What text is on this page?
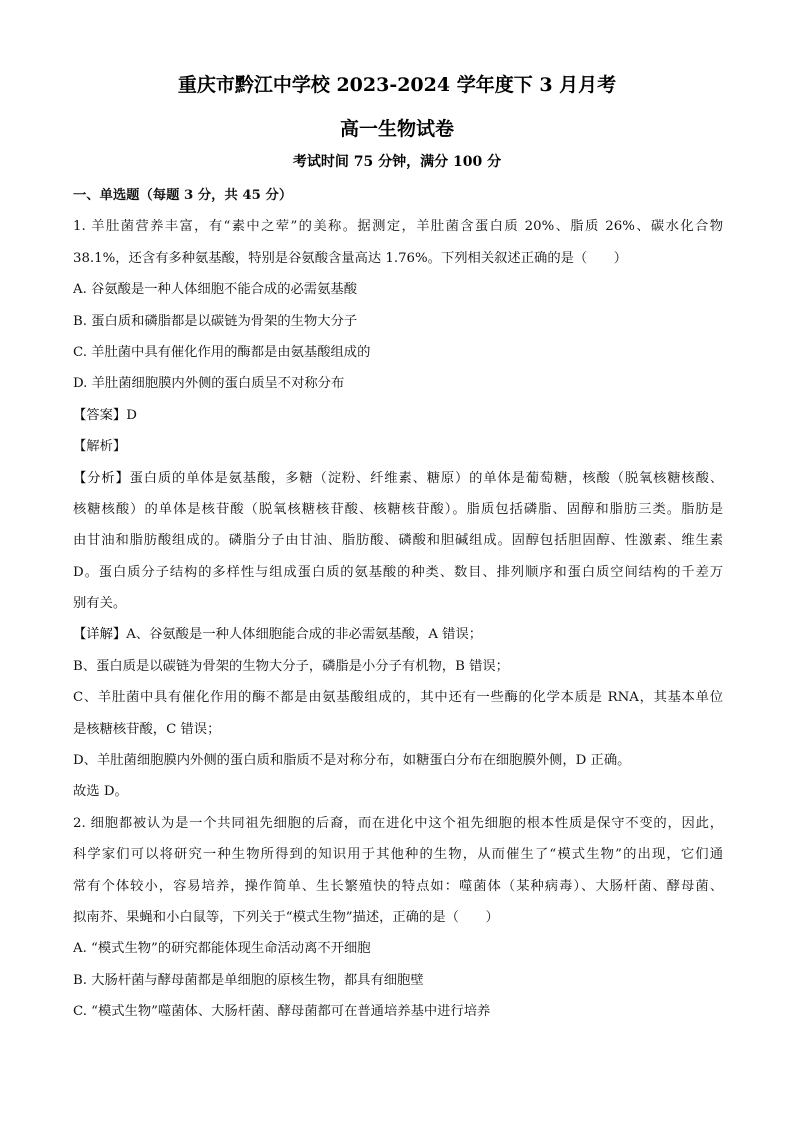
重庆市黔江中学校 2023-2024 学年度下 3 月月考
高一生物试卷
考试时间 75 分钟，满分 100 分
一、单选题（每题 3 分，共 45 分）
1. 羊肚菌营养丰富，有“素中之荤”的美称。据测定，羊肚菌含蛋白质 20%、脂质 26%、碳水化合物
38.1%，还含有多种氨基酸，特别是谷氨酸含量高达 1.76%。下列相关叙述正确的是（　　）
A. 谷氨酸是一种人体细胞不能合成的必需氨基酸
B. 蛋白质和磷脂都是以碳链为骨架的生物大分子
C. 羊肚菌中具有催化作用的酶都是由氨基酸组成的
D. 羊肚菌细胞膜内外侧的蛋白质呈不对称分布
【答案】D
【解析】
【分析】蛋白质的单体是氨基酸，多糖（淀粉、纤维素、糖原）的单体是葡萄糖，核酸（脱氧核糖核酸、
核糖核酸）的单体是核苷酸（脱氧核糖核苷酸、核糖核苷酸）。脂质包括磷脂、固醇和脂肪三类。脂肪是
由甘油和脂肪酸组成的。磷脂分子由甘油、脂肪酸、磷酸和胆碱组成。固醇包括胆固醇、性激素、维生素
D。蛋白质分子结构的多样性与组成蛋白质的氨基酸的种类、数目、排列顺序和蛋白质空间结构的千差万
别有关。
【详解】A、谷氨酸是一种人体细胞能合成的非必需氨基酸，A 错误；
B、蛋白质是以碳链为骨架的生物大分子，磷脂是小分子有机物，B 错误；
C、羊肚菌中具有催化作用的酶不都是由氨基酸组成的，其中还有一些酶的化学本质是 RNA，其基本单位
是核糖核苷酸，C 错误；
D、羊肚菌细胞膜内外侧的蛋白质和脂质不是对称分布，如糖蛋白分布在细胞膜外侧，D 正确。
故选 D。
2. 细胞都被认为是一个共同祖先细胞的后裔，而在进化中这个祖先细胞的根本性质是保守不变的，因此，
科学家们可以将研究一种生物所得到的知识用于其他种的生物，从而催生了“模式生物”的出现，它们通
常有个体较小，容易培养，操作简单、生长繁殖快的特点如：噬菌体（某种病毒）、大肠杆菌、酵母菌、
拟南芥、果蝇和小白鼠等，下列关于“模式生物”描述，正确的是（　　）
A. “模式生物”的研究都能体现生命活动离不开细胞
B. 大肠杆菌与酵母菌都是单细胞的原核生物，都具有细胞壁
C. “模式生物”噬菌体、大肠杆菌、酵母菌都可在普通培养基中进行培养
